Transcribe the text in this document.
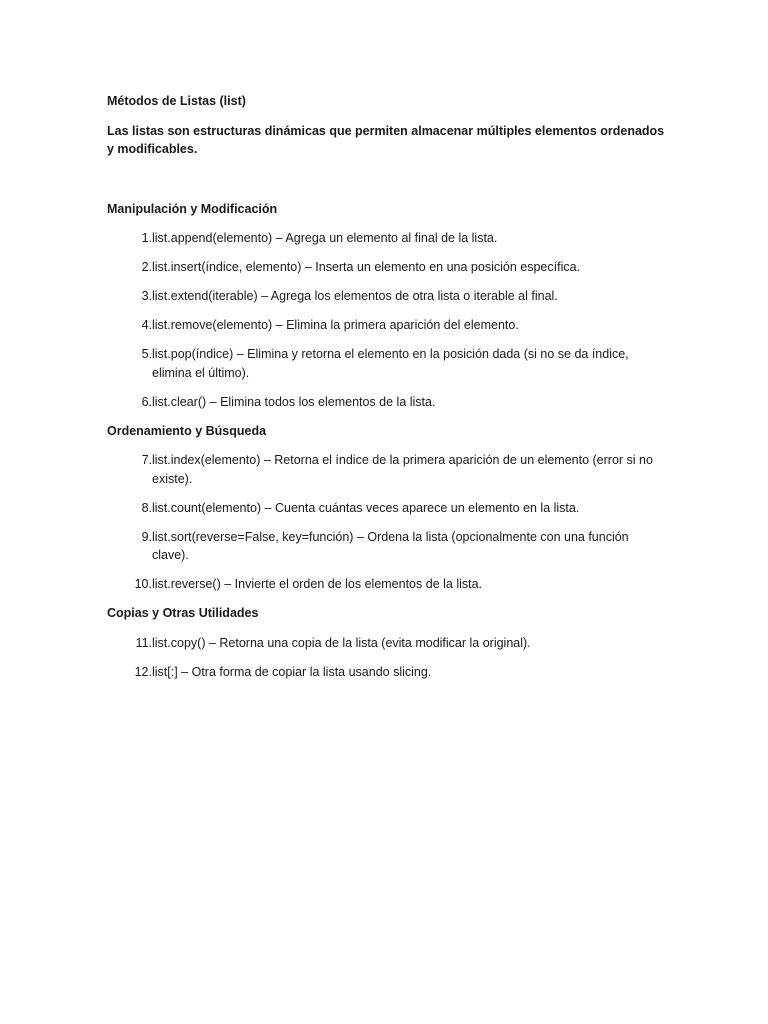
Métodos de Listas (list)
Las listas son estructuras dinámicas que permiten almacenar múltiples elementos ordenados y modificables.
Manipulación y Modificación
1. list.append(elemento) – Agrega un elemento al final de la lista.
2. list.insert(índice, elemento) – Inserta un elemento en una posición específica.
3. list.extend(iterable) – Agrega los elementos de otra lista o iterable al final.
4. list.remove(elemento) – Elimina la primera aparición del elemento.
5. list.pop(índice) – Elimina y retorna el elemento en la posición dada (si no se da índice, elimina el último).
6. list.clear() – Elimina todos los elementos de la lista.
Ordenamiento y Búsqueda
7. list.index(elemento) – Retorna el índice de la primera aparición de un elemento (error si no existe).
8. list.count(elemento) – Cuenta cuántas veces aparece un elemento en la lista.
9. list.sort(reverse=False, key=función) – Ordena la lista (opcionalmente con una función clave).
10. list.reverse() – Invierte el orden de los elementos de la lista.
Copias y Otras Utilidades
11. list.copy() – Retorna una copia de la lista (evita modificar la original).
12. list[:] – Otra forma de copiar la lista usando slicing.
